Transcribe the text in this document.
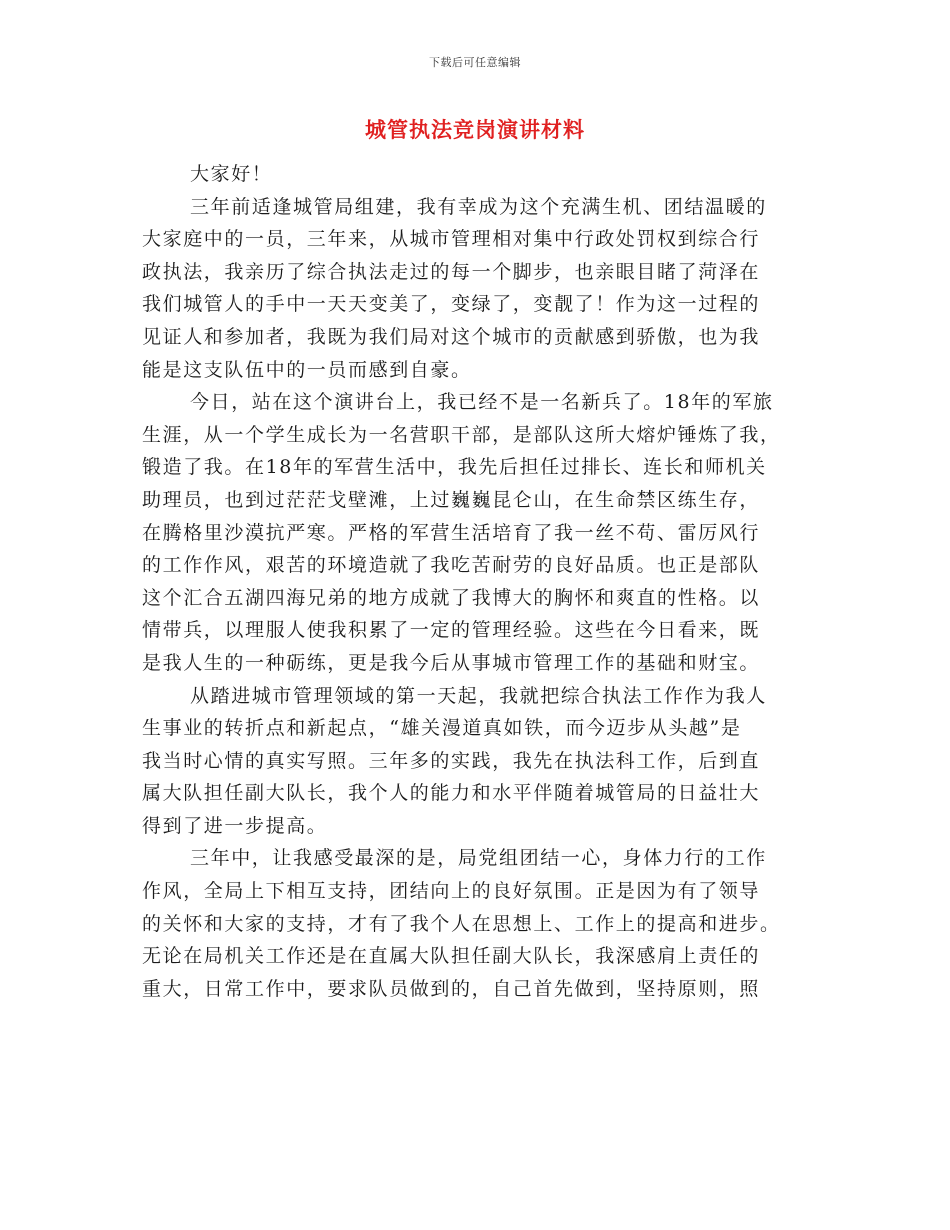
下载后可任意编辑
城管执法竞岗演讲材料
大家好！
三年前适逢城管局组建，我有幸成为这个充满生机、团结温暖的
大家庭中的一员，三年来，从城市管理相对集中行政处罚权到综合行
政执法，我亲历了综合执法走过的每一个脚步，也亲眼目睹了菏泽在
我们城管人的手中一天天变美了，变绿了，变靓了！作为这一过程的
见证人和参加者，我既为我们局对这个城市的贡献感到骄傲，也为我
能是这支队伍中的一员而感到自豪。
今日，站在这个演讲台上，我已经不是一名新兵了。18年的军旅
生涯，从一个学生成长为一名营职干部，是部队这所大熔炉锤炼了我，
锻造了我。在18年的军营生活中，我先后担任过排长、连长和师机关
助理员，也到过茫茫戈壁滩，上过巍巍昆仑山，在生命禁区练生存，
在腾格里沙漠抗严寒。严格的军营生活培育了我一丝不苟、雷厉风行
的工作作风，艰苦的环境造就了我吃苦耐劳的良好品质。也正是部队
这个汇合五湖四海兄弟的地方成就了我博大的胸怀和爽直的性格。以
情带兵，以理服人使我积累了一定的管理经验。这些在今日看来，既
是我人生的一种砺练，更是我今后从事城市管理工作的基础和财宝。
从踏进城市管理领域的第一天起，我就把综合执法工作作为我人
生事业的转折点和新起点，“雄关漫道真如铁，而今迈步从头越”是
我当时心情的真实写照。三年多的实践，我先在执法科工作，后到直
属大队担任副大队长，我个人的能力和水平伴随着城管局的日益壮大
得到了进一步提高。
三年中，让我感受最深的是，局党组团结一心，身体力行的工作
作风，全局上下相互支持，团结向上的良好氛围。正是因为有了领导
的关怀和大家的支持，才有了我个人在思想上、工作上的提高和进步。
无论在局机关工作还是在直属大队担任副大队长，我深感肩上责任的
重大，日常工作中，要求队员做到的，自己首先做到，坚持原则，照
